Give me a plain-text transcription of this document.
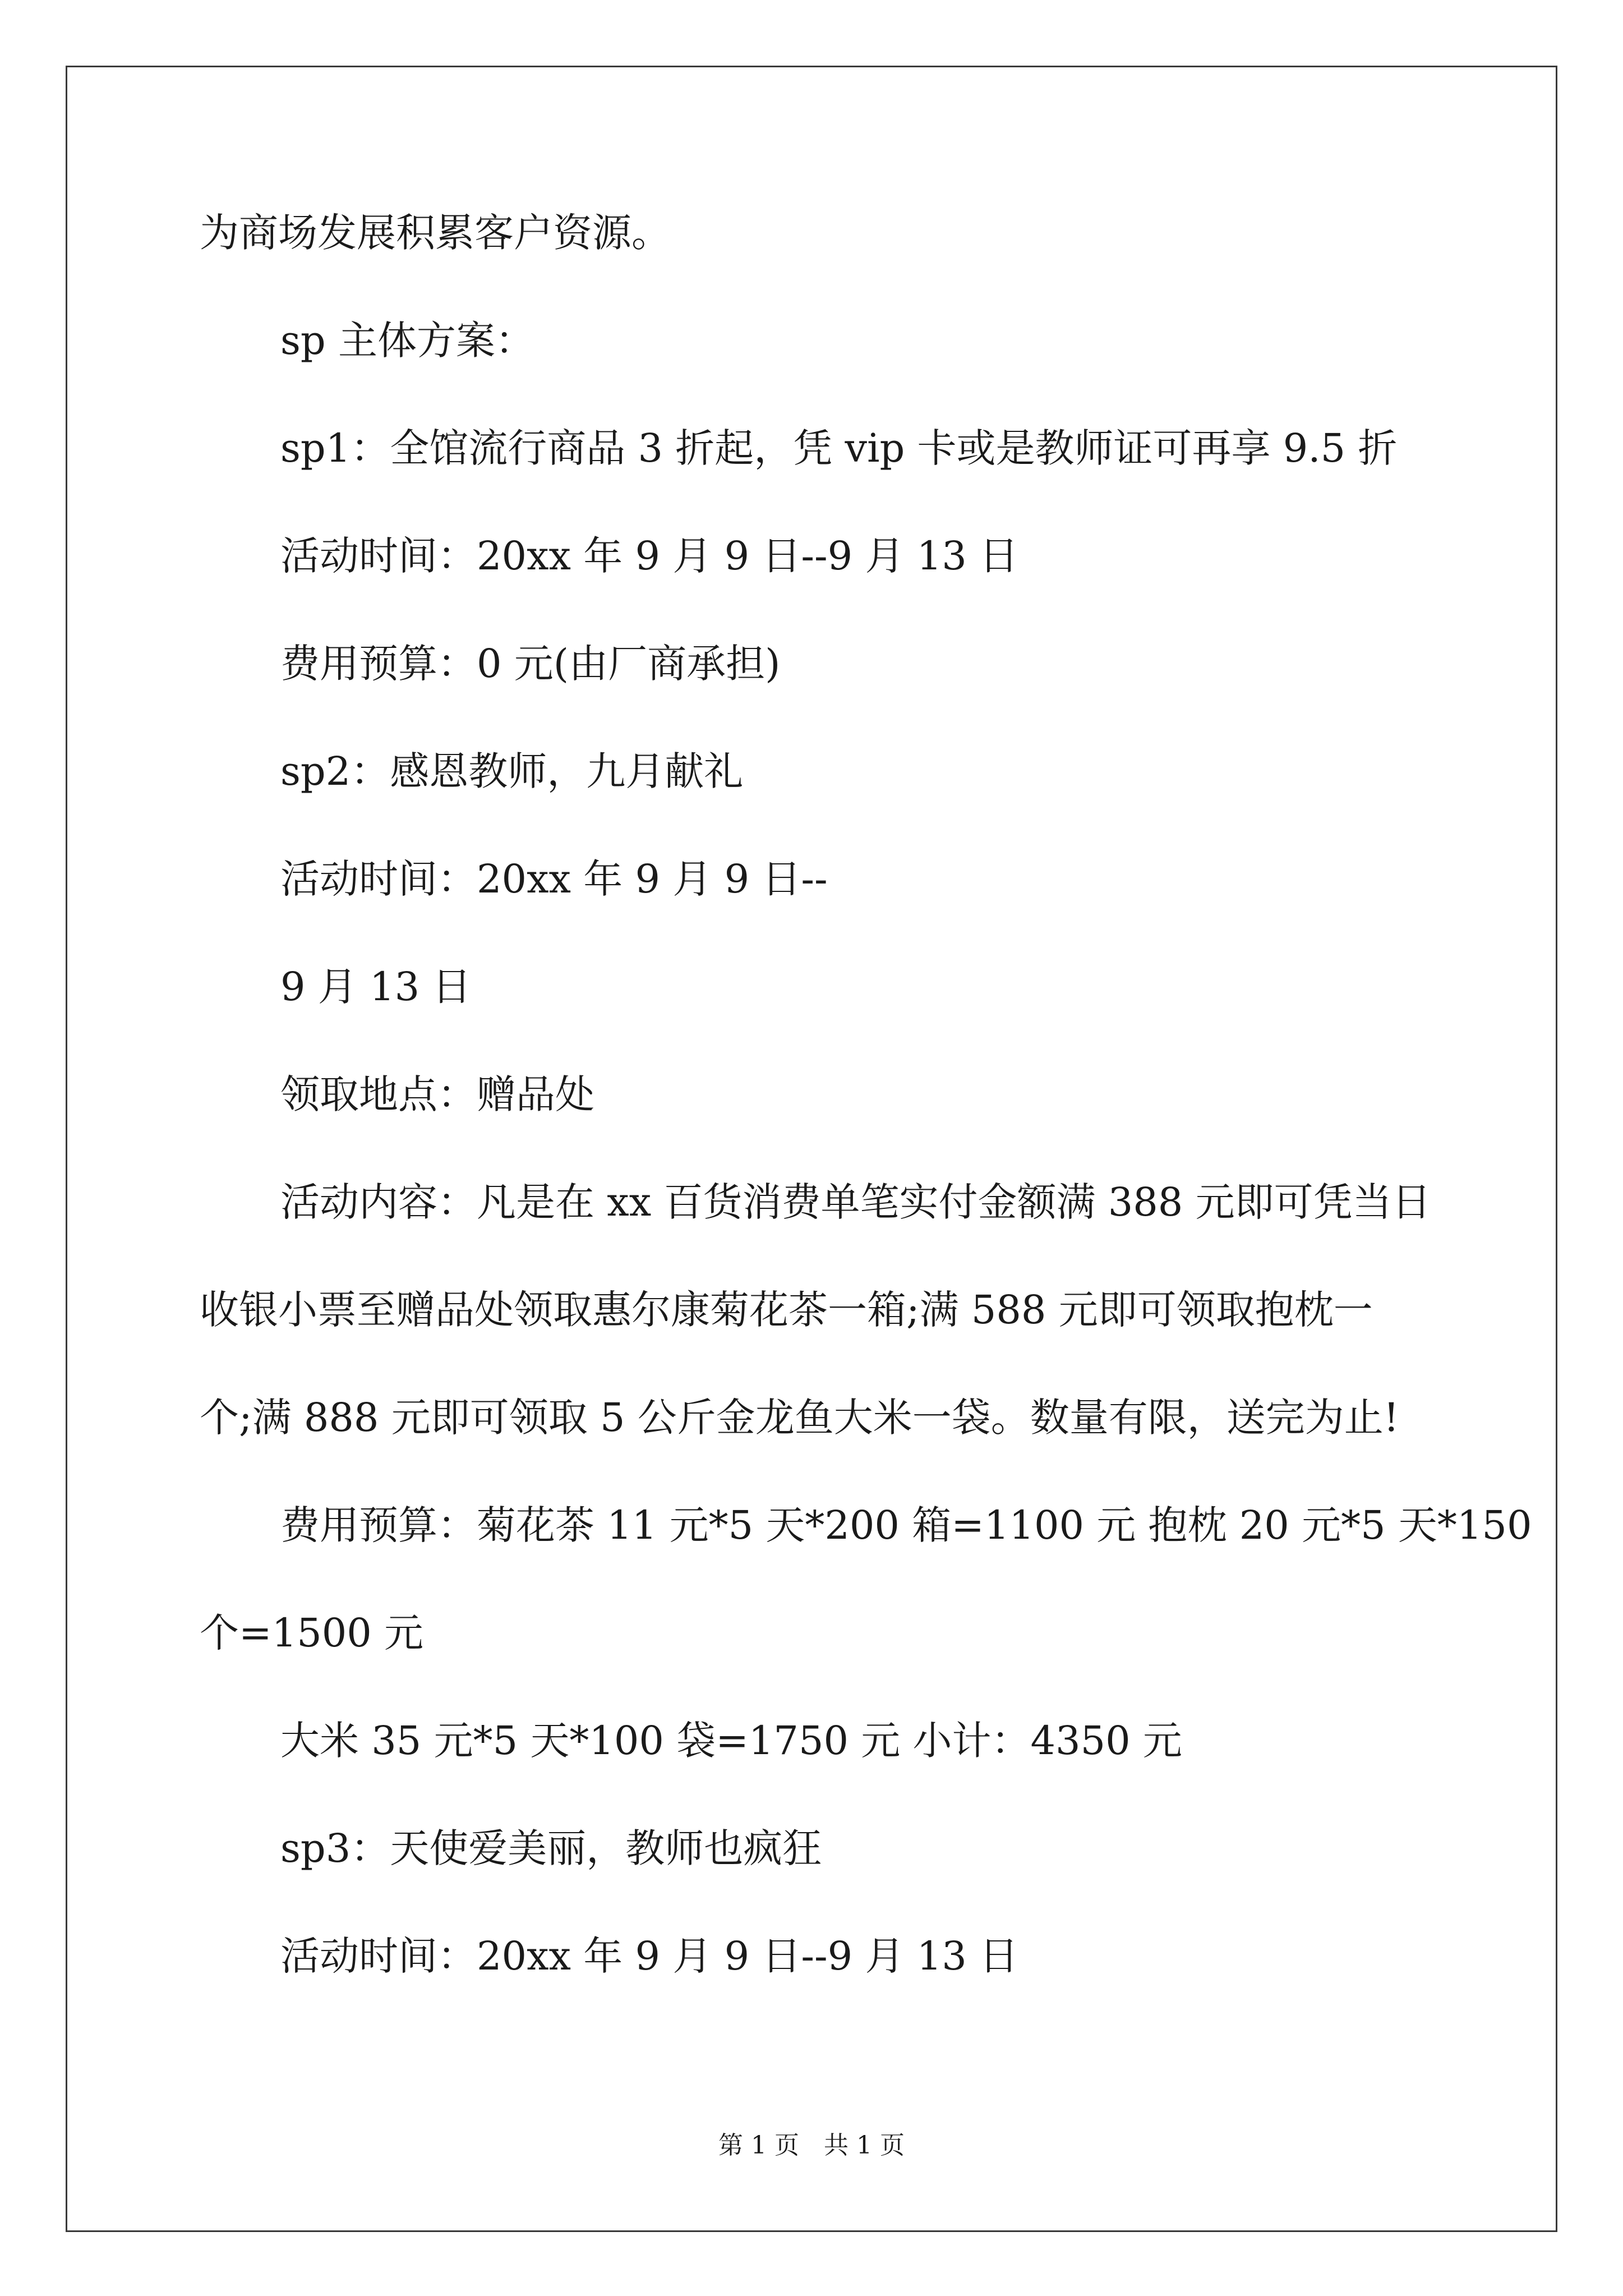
为商场发展积累客户资源。
sp 主体方案：
sp1：全馆流行商品 3 折起，凭 vip 卡或是教师证可再享 9.5 折
活动时间：20xx 年 9 月 9 日--9 月 13 日
费用预算：0 元(由厂商承担)
sp2：感恩教师，九月献礼
活动时间：20xx 年 9 月 9 日--
9 月 13 日
领取地点：赠品处
活动内容：凡是在 xx 百货消费单笔实付金额满 388 元即可凭当日
收银小票至赠品处领取惠尔康菊花茶一箱;满 588 元即可领取抱枕一
个;满 888 元即可领取 5 公斤金龙鱼大米一袋。数量有限，送完为止!
费用预算：菊花茶 11 元*5 天*200 箱=1100 元 抱枕 20 元*5 天*150
个=1500 元
大米 35 元*5 天*100 袋=1750 元 小计：4350 元
sp3：天使爱美丽，教师也疯狂
活动时间：20xx 年 9 月 9 日--9 月 13 日
第 1 页　共 1 页
